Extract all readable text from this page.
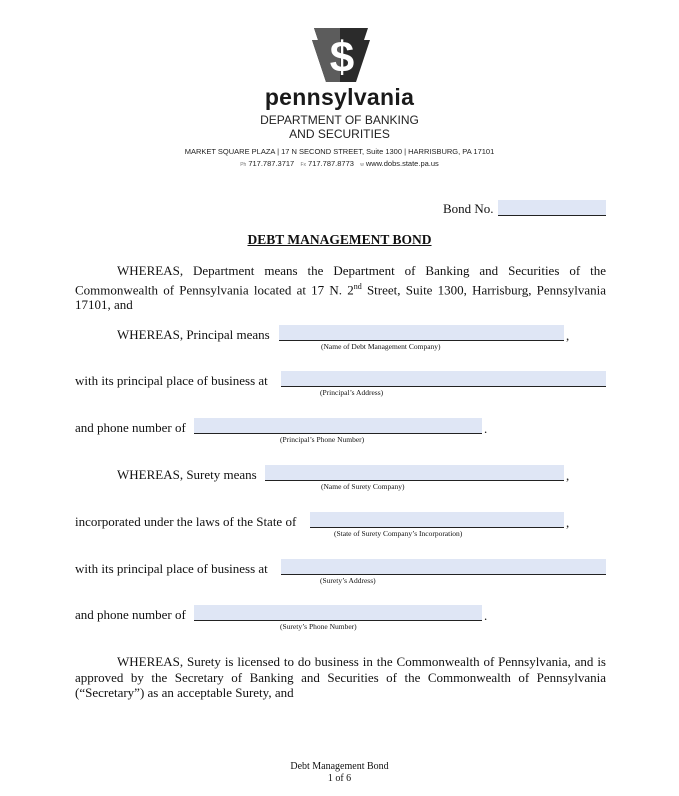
$
pennsylvania
DEPARTMENT OF BANKING
AND SECURITIES
MARKET SQUARE PLAZA | 17 N SECOND STREET, Suite 1300 | HARRISBURG, PA 17101
Ph 717.787.3717 Fx 717.787.8773 w www.dobs.state.pa.us
Bond No.
DEBT MANAGEMENT BOND

WHEREAS, Department means the Department of Banking and Securities of the Commonwealth of Pennsylvania located at 17 N. 2nd Street, Suite 1300, Harrisburg, Pennsylvania 17101, and

WHEREAS, Principal means	,
(Name of Debt Management Company)
with its principal place of business at
(Principal’s Address)
and phone number of	.
(Principal’s Phone Number)
WHEREAS, Surety means	,
(Name of Surety Company)
incorporated under the laws of the State of	,
(State of Surety Company’s Incorporation)
with its principal place of business at
(Surety’s Address)
and phone number of	.
(Surety’s Phone Number)

WHEREAS, Surety is licensed to do business in the Commonwealth of Pennsylvania, and is approved by the Secretary of Banking and Securities of the Commonwealth of Pennsylvania (“Secretary”) as an acceptable Surety, and

Debt Management Bond
1 of 6
